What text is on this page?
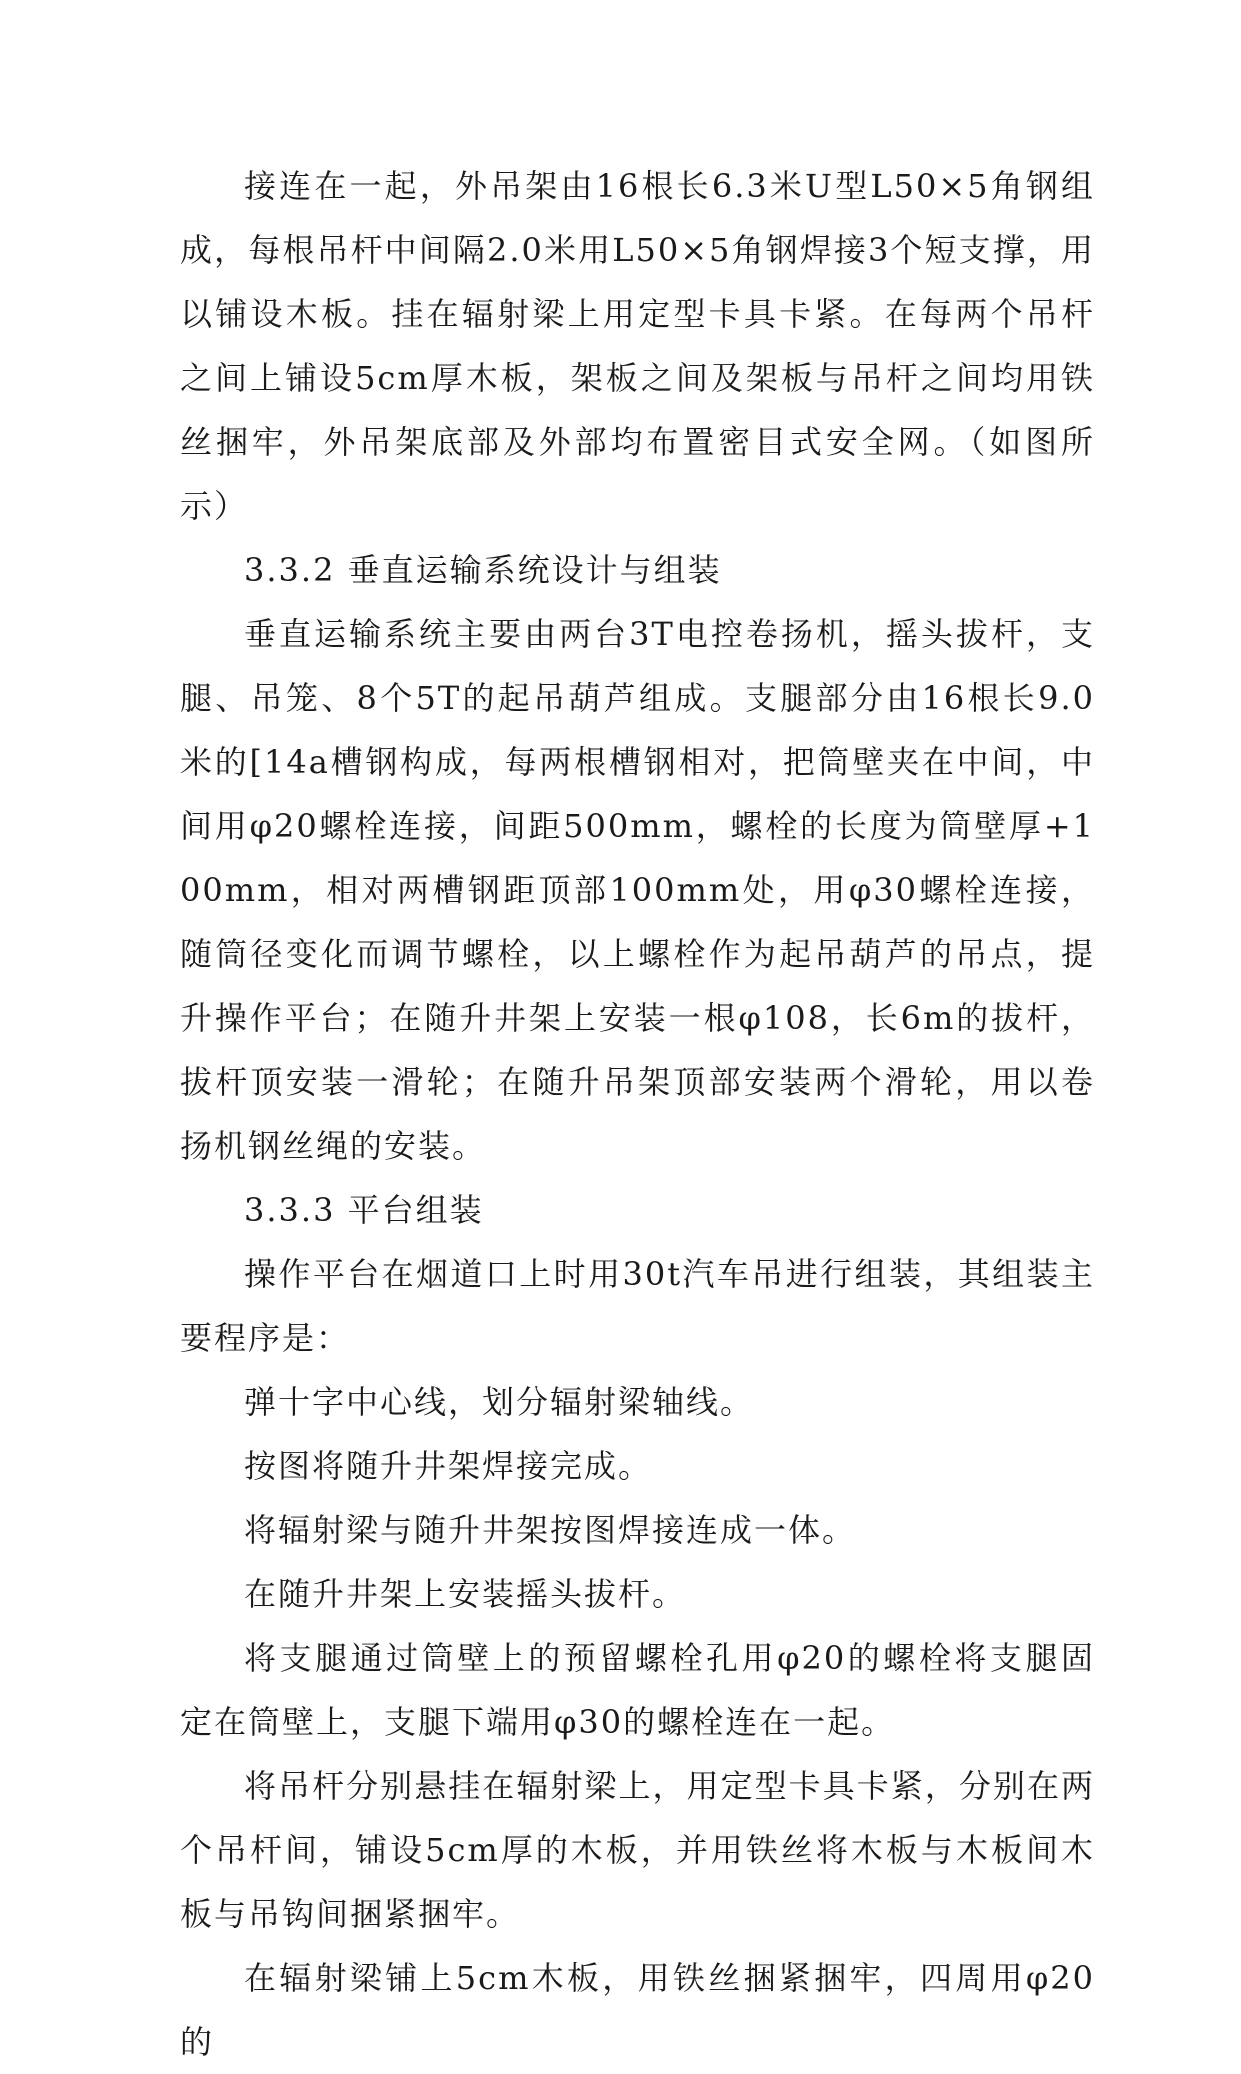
接连在一起，外吊架由16根长6.3米U型L50×5角钢组成，每根吊杆中间隔2.0米用L50×5角钢焊接3个短支撑，用以铺设木板。挂在辐射梁上用定型卡具卡紧。在每两个吊杆之间上铺设5cm厚木板，架板之间及架板与吊杆之间均用铁丝捆牢，外吊架底部及外部均布置密目式安全网。（如图所示）

3.3.2 垂直运输系统设计与组装

垂直运输系统主要由两台3T电控卷扬机，摇头拔杆，支腿、吊笼、8个5T的起吊葫芦组成。支腿部分由16根长9.0米的[14a槽钢构成，每两根槽钢相对，把筒壁夹在中间，中间用φ20螺栓连接，间距500mm，螺栓的长度为筒壁厚+100mm，相对两槽钢距顶部100mm处，用φ30螺栓连接，随筒径变化而调节螺栓，以上螺栓作为起吊葫芦的吊点，提升操作平台；在随升井架上安装一根φ108，长6m的拔杆，拔杆顶安装一滑轮；在随升吊架顶部安装两个滑轮，用以卷扬机钢丝绳的安装。

3.3.3 平台组装

操作平台在烟道口上时用30t汽车吊进行组装，其组装主要程序是：

弹十字中心线，划分辐射梁轴线。

按图将随升井架焊接完成。

将辐射梁与随升井架按图焊接连成一体。

在随升井架上安装摇头拔杆。

将支腿通过筒壁上的预留螺栓孔用φ20的螺栓将支腿固定在筒壁上，支腿下端用φ30的螺栓连在一起。

将吊杆分别悬挂在辐射梁上，用定型卡具卡紧，分别在两个吊杆间，铺设5cm厚的木板，并用铁丝将木板与木板间木板与吊钩间捆紧捆牢。

在辐射梁铺上5cm木板，用铁丝捆紧捆牢，四周用φ20的
